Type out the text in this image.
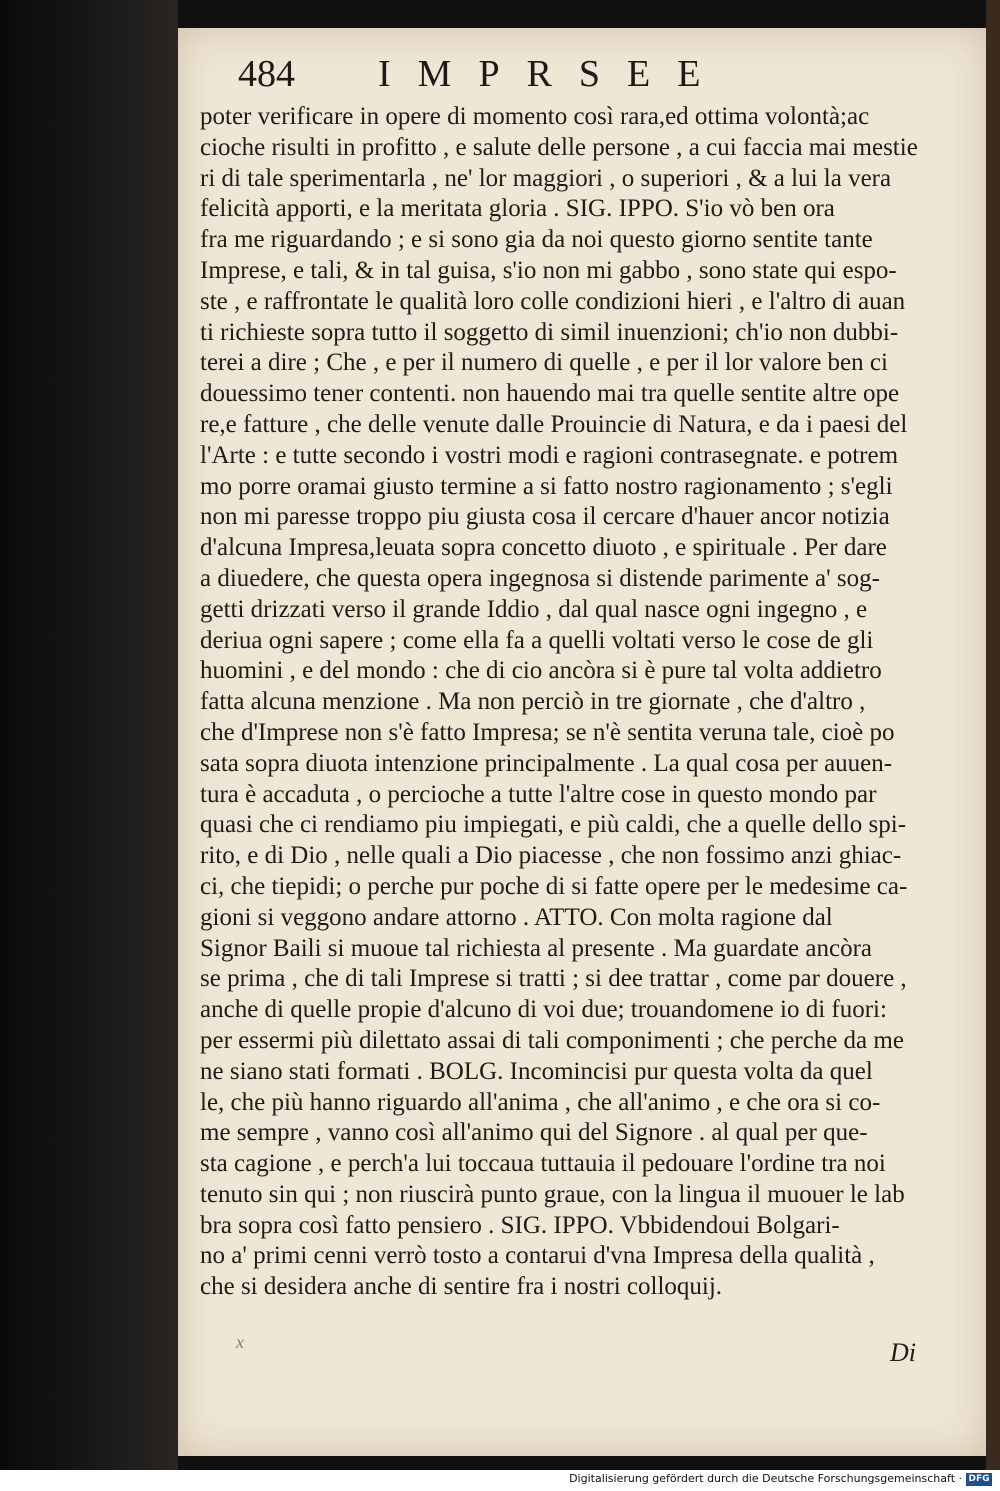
484 IMPRSEE
poter verificare in opere di momento così rara,ed ottima volontà;ac
cioche risulti in profitto , e salute delle persone , a cui faccia mai mestie
ri di tale sperimentarla , ne' lor maggiori , o superiori , & a lui la vera
felicità apporti, e la meritata gloria . SIG. IPPO. S'io vò ben ora
fra me riguardando ; e si sono gia da noi questo giorno sentite tante
Imprese, e tali, & in tal guisa, s'io non mi gabbo , sono state qui espo-
ste , e raffrontate le qualità loro colle condizioni hieri , e l'altro di auan
ti richieste sopra tutto il soggetto di simil inuenzioni; ch'io non dubbi-
terei a dire ; Che , e per il numero di quelle , e per il lor valore ben ci
douessimo tener contenti. non hauendo mai tra quelle sentite altre ope
re,e fatture , che delle venute dalle Prouincie di Natura, e da i paesi del
l'Arte : e tutte secondo i vostri modi e ragioni contrasegnate. e potrem
mo porre oramai giusto termine a si fatto nostro ragionamento ; s'egli
non mi paresse troppo piu giusta cosa il cercare d'hauer ancor notizia
d'alcuna Impresa,leuata sopra concetto diuoto , e spirituale . Per dare
a diuedere, che questa opera ingegnosa si distende parimente a' sog-
getti drizzati verso il grande Iddio , dal qual nasce ogni ingegno , e
deriua ogni sapere ; come ella fa a quelli voltati verso le cose de gli
huomini , e del mondo : che di cio ancòra si è pure tal volta addietro
fatta alcuna menzione . Ma non perciò in tre giornate , che d'altro ,
che d'Imprese non s'è fatto Impresa; se n'è sentita veruna tale, cioè po
sata sopra diuota intenzione principalmente . La qual cosa per auuen-
tura è accaduta , o percioche a tutte l'altre cose in questo mondo par
quasi che ci rendiamo piu impiegati, e più caldi, che a quelle dello spi-
rito, e di Dio , nelle quali a Dio piacesse , che non fossimo anzi ghiac-
ci, che tiepidi; o perche pur poche di si fatte opere per le medesime ca-
gioni si veggono andare attorno . ATTO. Con molta ragione dal
Signor Baili si muoue tal richiesta al presente . Ma guardate ancòra
se prima , che di tali Imprese si tratti ; si dee trattar , come par douere ,
anche di quelle propie d'alcuno di voi due; trouandomene io di fuori:
per essermi più dilettato assai di tali componimenti ; che perche da me
ne siano stati formati . BOLG. Incomincisi pur questa volta da quel
le, che più hanno riguardo all'anima , che all'animo , e che ora si co-
me sempre , vanno così all'animo qui del Signore . al qual per que-
sta cagione , e perch'a lui toccaua tuttauia il pedouare l'ordine tra noi
tenuto sin qui ; non riuscirà punto graue, con la lingua il muouer le lab
bra sopra così fatto pensiero . SIG. IPPO. Vbbidendoui Bolgari-
no a' primi cenni verrò tosto a contarui d'vna Impresa della qualità ,
che si desidera anche di sentire fra i nostri colloquij.
x	Di
Digitalisierung gefördert durch die Deutsche Forschungsgemeinschaft · DFG
